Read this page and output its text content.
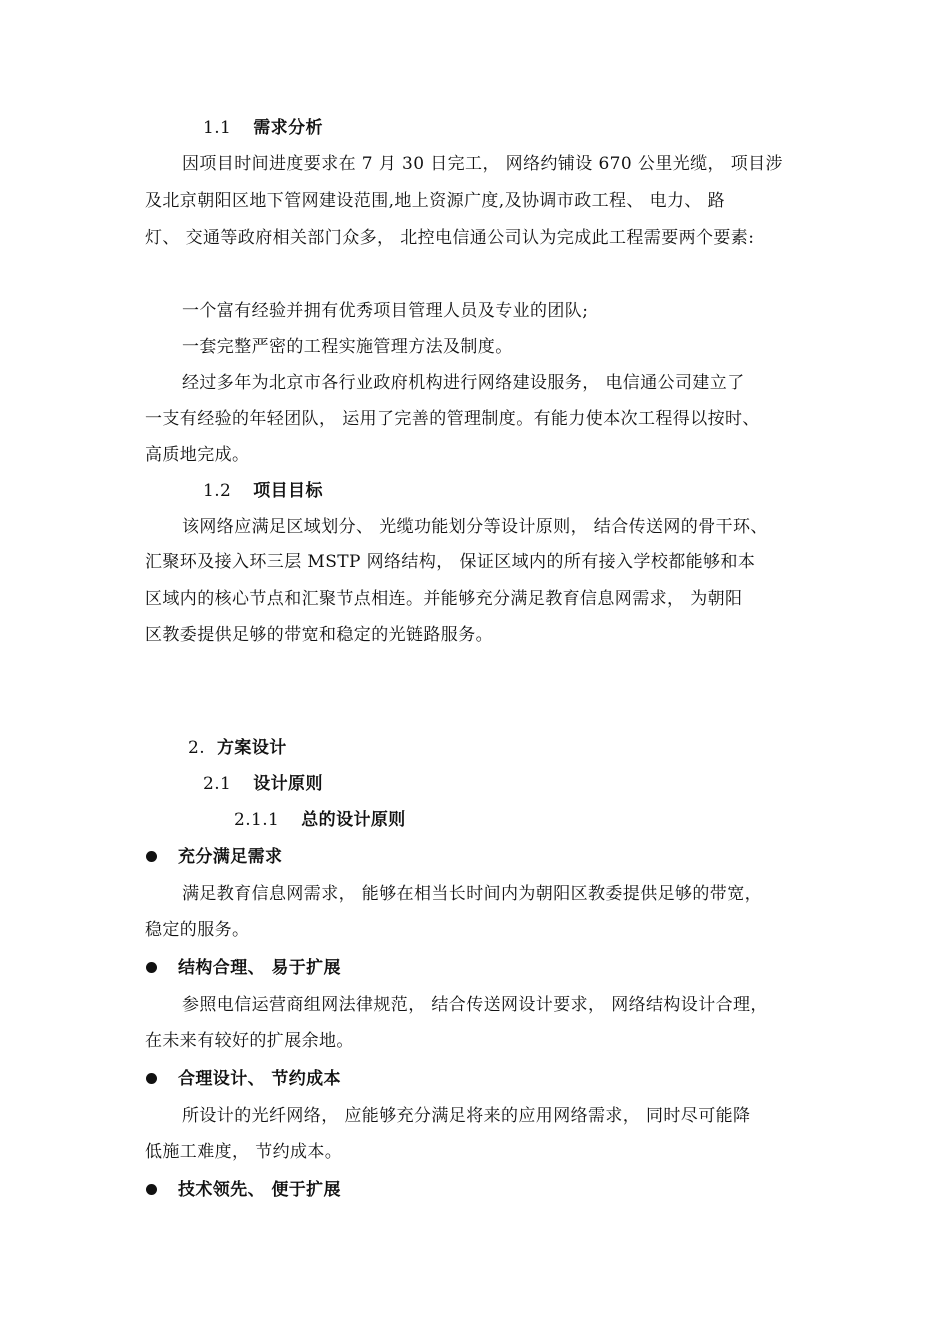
1.1 需求分析
因项目时间进度要求在 7 月 30 日完工， 网络约铺设 670 公里光缆， 项目涉
及北京朝阳区地下管网建设范围,地上资源广度,及协调市政工程、 电力、 路
灯、 交通等政府相关部门众多， 北控电信通公司认为完成此工程需要两个要素:
一个富有经验并拥有优秀项目管理人员及专业的团队;
一套完整严密的工程实施管理方法及制度。
经过多年为北京市各行业政府机构进行网络建设服务， 电信通公司建立了
一支有经验的年轻团队， 运用了完善的管理制度。有能力使本次工程得以按时、
高质地完成。
1.2 项目目标
该网络应满足区域划分、 光缆功能划分等设计原则， 结合传送网的骨干环、
汇聚环及接入环三层 MSTP 网络结构， 保证区域内的所有接入学校都能够和本
区域内的核心节点和汇聚节点相连。并能够充分满足教育信息网需求， 为朝阳
区教委提供足够的带宽和稳定的光链路服务。
2. 方案设计
2.1 设计原则
2.1.1 总的设计原则
充分满足需求
满足教育信息网需求， 能够在相当长时间内为朝阳区教委提供足够的带宽，
稳定的服务。
结构合理、 易于扩展
参照电信运营商组网法律规范， 结合传送网设计要求， 网络结构设计合理，
在未来有较好的扩展余地。
合理设计、 节约成本
所设计的光纤网络， 应能够充分满足将来的应用网络需求， 同时尽可能降
低施工难度， 节约成本。
技术领先、 便于扩展
